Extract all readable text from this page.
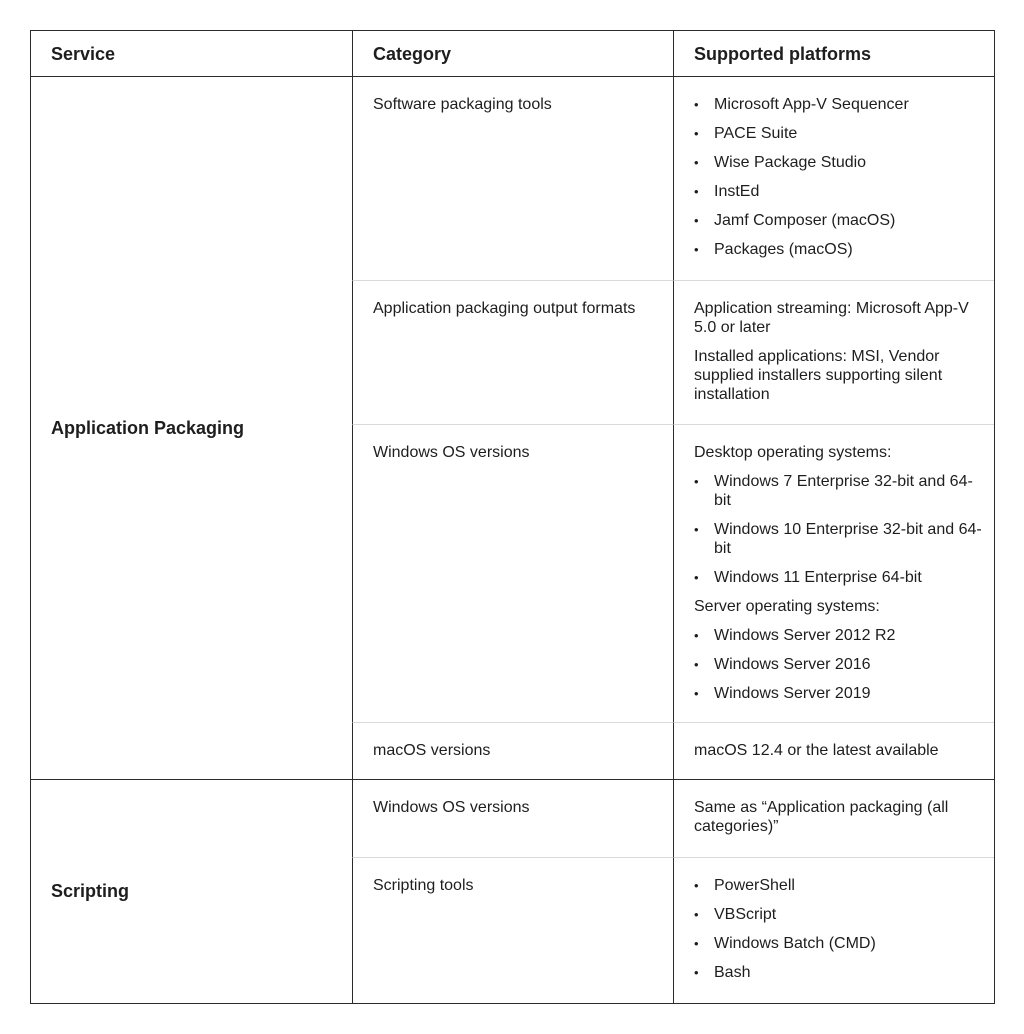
Service	Category	Supported platforms
Application Packaging
Software packaging tools	• Microsoft App-V Sequencer
• PACE Suite
• Wise Package Studio
• InstEd
• Jamf Composer (macOS)
• Packages (macOS)
Application packaging output formats	Application streaming: Microsoft App-V 5.0 or later

Installed applications: MSI, Vendor supplied installers supporting silent installation

Windows OS versions	Desktop operating systems:
• Windows 7 Enterprise 32-bit and 64-bit
• Windows 10 Enterprise 32-bit and 64-bit
• Windows 11 Enterprise 64-bit
Server operating systems:
• Windows Server 2012 R2
• Windows Server 2016
• Windows Server 2019
macOS versions	macOS 12.4 or the latest available
Scripting
Windows OS versions	Same as “Application packaging (all categories)”
Scripting tools	• PowerShell
• VBScript
• Windows Batch (CMD)
• Bash
